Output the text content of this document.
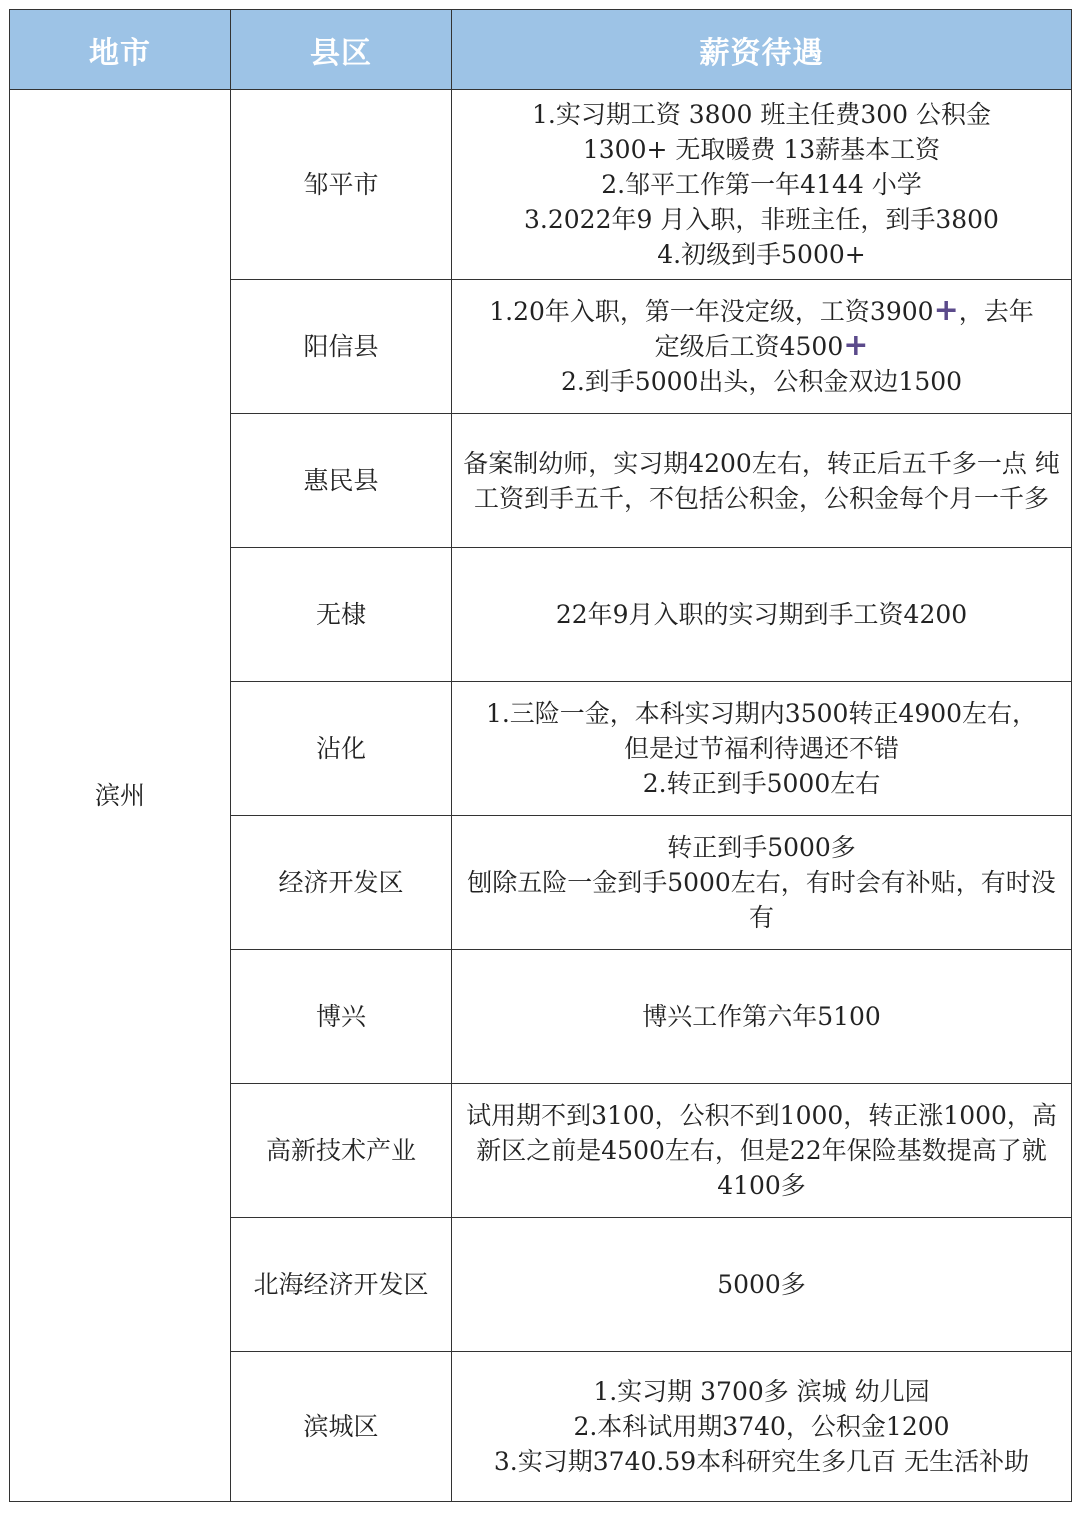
地市	县区	薪资待遇
滨州	邹平市	1.实习期工资 3800 班主任费300 公积金
1300+ 无取暖费 13薪基本工资
2.邹平工作第一年4144 小学
3.2022年9 月入职，非班主任，到手3800
4.初级到手5000+

	阳信县	1.20年入职，第一年没定级，工资3900+，去年
定级后工资4500+
2.到手5000出头，公积金双边1500

	惠民县	备案制幼师，实习期4200左右，转正后五千多一点 纯工资到手五千，不包括公积金，公积金每个月一千多

	无棣	22年9月入职的实习期到手工资4200

	沾化	1.三险一金，本科实习期内3500转正4900左右，
但是过节福利待遇还不错
2.转正到手5000左右

	经济开发区	转正到手5000多
刨除五险一金到手5000左右，有时会有补贴，有时没有

	博兴	博兴工作第六年5100

	高新技术产业	试用期不到3100，公积不到1000，转正涨1000，高新区之前是4500左右，但是22年保险基数提高了就4100多

	北海经济开发区	5000多

	滨城区	1.实习期 3700多 滨城 幼儿园
2.本科试用期3740，公积金1200
3.实习期3740.59本科研究生多几百 无生活补助
